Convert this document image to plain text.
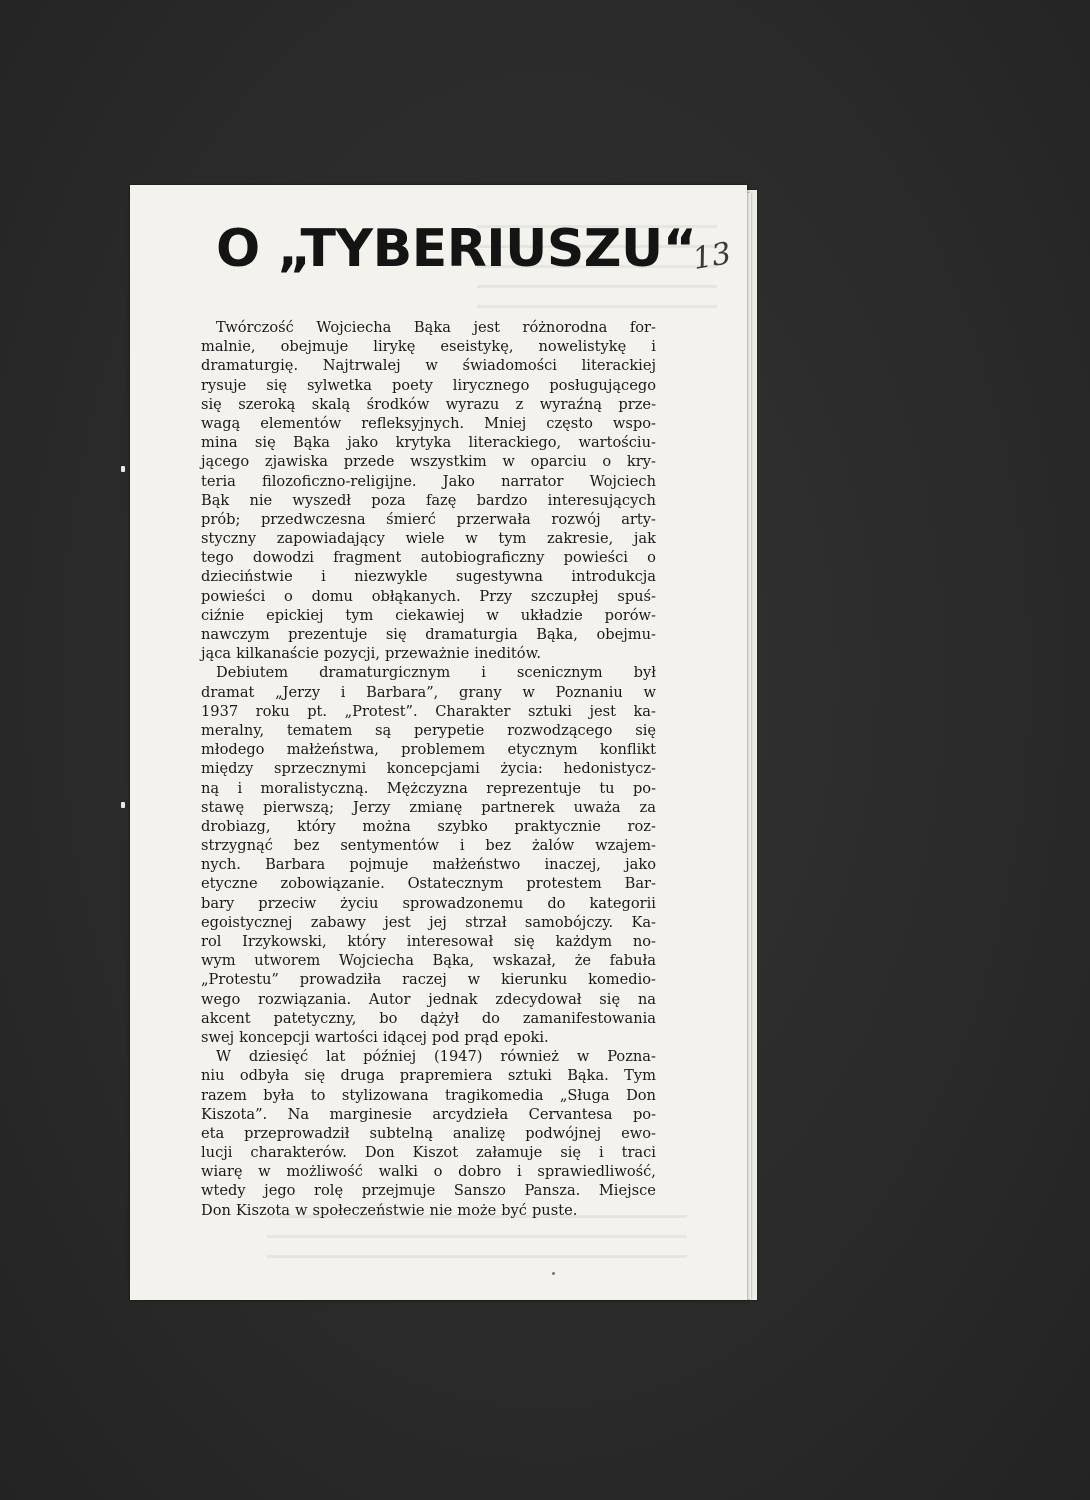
O „TYBERIUSZU“
13
Twórczość Wojciecha Bąka jest różnorodna for-
malnie, obejmuje lirykę eseistykę, nowelistykę i
dramaturgię. Najtrwalej w świadomości literackiej
rysuje się sylwetka poety lirycznego posługującego
się szeroką skalą środków wyrazu z wyraźną prze-
wagą elementów refleksyjnych. Mniej często wspo-
mina się Bąka jako krytyka literackiego, wartościu-
jącego zjawiska przede wszystkim w oparciu o kry-
teria filozoficzno-religijne. Jako narrator Wojciech
Bąk nie wyszedł poza fazę bardzo interesujących
prób; przedwczesna śmierć przerwała rozwój arty-
styczny zapowiadający wiele w tym zakresie, jak
tego dowodzi fragment autobiograficzny powieści o
dzieciństwie i niezwykle sugestywna introdukcja
powieści o domu obłąkanych. Przy szczupłej spuś-
ciźnie epickiej tym ciekawiej w układzie porów-
nawczym prezentuje się dramaturgia Bąka, obejmu-
jąca kilkanaście pozycji, przeważnie ineditów.
Debiutem dramaturgicznym i scenicznym był
dramat „Jerzy i Barbara”, grany w Poznaniu w
1937 roku pt. „Protest”. Charakter sztuki jest ka-
meralny, tematem są perypetie rozwodzącego się
młodego małżeństwa, problemem etycznym konflikt
między sprzecznymi koncepcjami życia: hedonistycz-
ną i moralistyczną. Mężczyzna reprezentuje tu po-
stawę pierwszą; Jerzy zmianę partnerek uważa za
drobiazg, który można szybko praktycznie roz-
strzygnąć bez sentymentów i bez żalów wzajem-
nych. Barbara pojmuje małżeństwo inaczej, jako
etyczne zobowiązanie. Ostatecznym protestem Bar-
bary przeciw życiu sprowadzonemu do kategorii
egoistycznej zabawy jest jej strzał samobójczy. Ka-
rol Irzykowski, który interesował się każdym no-
wym utworem Wojciecha Bąka, wskazał, że fabuła
„Protestu” prowadziła raczej w kierunku komedio-
wego rozwiązania. Autor jednak zdecydował się na
akcent patetyczny, bo dążył do zamanifestowania
swej koncepcji wartości idącej pod prąd epoki.
W dziesięć lat później (1947) również w Pozna-
niu odbyła się druga prapremiera sztuki Bąka. Tym
razem była to stylizowana tragikomedia „Sługa Don
Kiszota”. Na marginesie arcydzieła Cervantesa po-
eta przeprowadził subtelną analizę podwójnej ewo-
lucji charakterów. Don Kiszot załamuje się i traci
wiarę w możliwość walki o dobro i sprawiedliwość,
wtedy jego rolę przejmuje Sanszo Pansza. Miejsce
Don Kiszota w społeczeństwie nie może być puste.
